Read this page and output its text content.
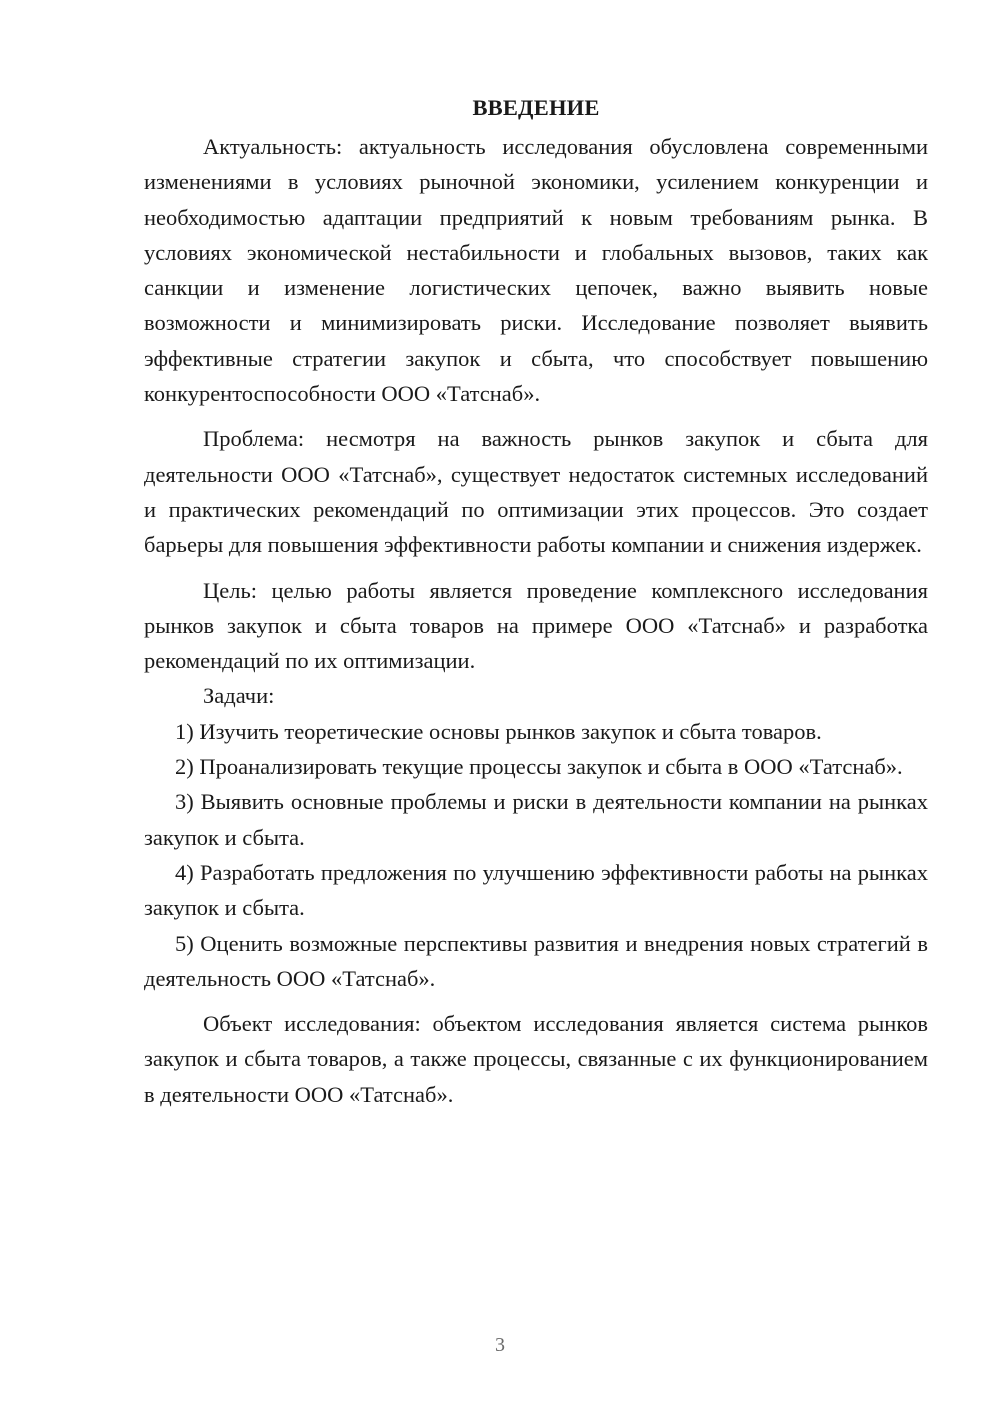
ВВЕДЕНИЕ

Актуальность: актуальность исследования обусловлена современными изменениями в условиях рыночной экономики, усилением конкуренции и необходимостью адаптации предприятий к новым требованиям рынка. В условиях экономической нестабильности и глобальных вызовов, таких как санкции и изменение логистических цепочек, важно выявить новые возможности и минимизировать риски. Исследование позволяет выявить эффективные стратегии закупок и сбыта, что способствует повышению конкурентоспособности ООО «Татснаб».

Проблема: несмотря на важность рынков закупок и сбыта для деятельности ООО «Татснаб», существует недостаток системных исследований и практических рекомендаций по оптимизации этих процессов. Это создает барьеры для повышения эффективности работы компании и снижения издержек.

Цель: целью работы является проведение комплексного исследования рынков закупок и сбыта товаров на примере ООО «Татснаб» и разработка рекомендаций по их оптимизации.

Задачи:

1) Изучить теоретические основы рынков закупок и сбыта товаров.

2) Проанализировать текущие процессы закупок и сбыта в ООО «Татснаб».

3) Выявить основные проблемы и риски в деятельности компании на рынках закупок и сбыта.

4) Разработать предложения по улучшению эффективности работы на рынках закупок и сбыта.

5) Оценить возможные перспективы развития и внедрения новых стратегий в деятельность ООО «Татснаб».

Объект исследования: объектом исследования является система рынков закупок и сбыта товаров, а также процессы, связанные с их функционированием в деятельности ООО «Татснаб».

3
